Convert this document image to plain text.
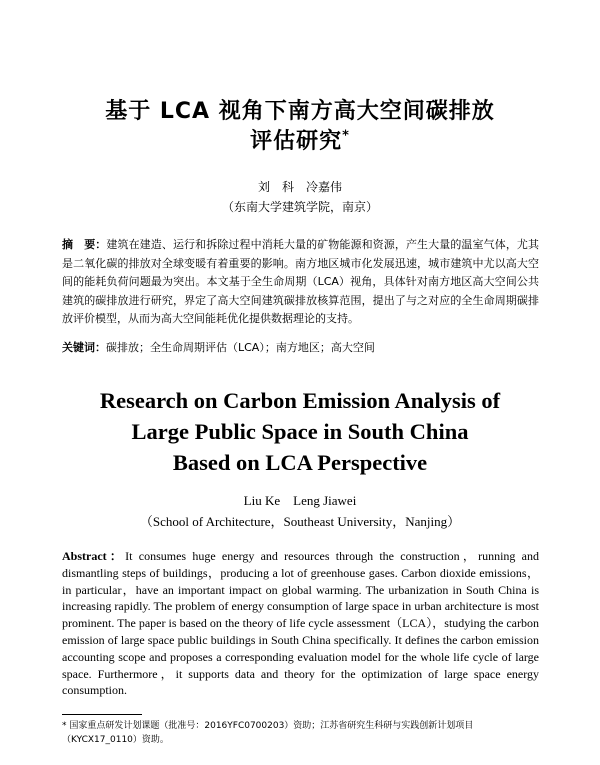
基于 LCA 视角下南方高大空间碳排放
评估研究*
刘　科　冷嘉伟
（东南大学建筑学院，南京）
摘　要：建筑在建造、运行和拆除过程中消耗大量的矿物能源和资源，产生大量的温室气体，尤其是二氧化碳的排放对全球变暖有着重要的影响。南方地区城市化发展迅速，城市建筑中尤以高大空间的能耗负荷问题最为突出。本文基于全生命周期（LCA）视角，具体针对南方地区高大空间公共建筑的碳排放进行研究，界定了高大空间建筑碳排放核算范围，提出了与之对应的全生命周期碳排放评价模型，从而为高大空间能耗优化提供数据理论的支持。
关键词：碳排放；全生命周期评估（LCA）；南方地区；高大空间
Research on Carbon Emission Analysis of
Large Public Space in South China
Based on LCA Perspective
Liu Ke　Leng Jiawei
（School of Architecture，Southeast University，Nanjing）
Abstract：It consumes huge energy and resources through the construction，running and dismantling steps of buildings，producing a lot of greenhouse gases. Carbon dioxide emissions，in particular，have an important impact on global warming. The urbanization in South China is increasing rapidly. The problem of energy consumption of large space in urban architecture is most prominent. The paper is based on the theory of life cycle assessment（LCA），studying the carbon emission of large space public buildings in South China specifically. It defines the carbon emission accounting scope and proposes a corresponding evaluation model for the whole life cycle of large space. Furthermore，it supports data and theory for the optimization of large space energy consumption.
* 国家重点研发计划课题（批准号：2016YFC0700203）资助；江苏省研究生科研与实践创新计划项目（KYCX17_0110）资助。
